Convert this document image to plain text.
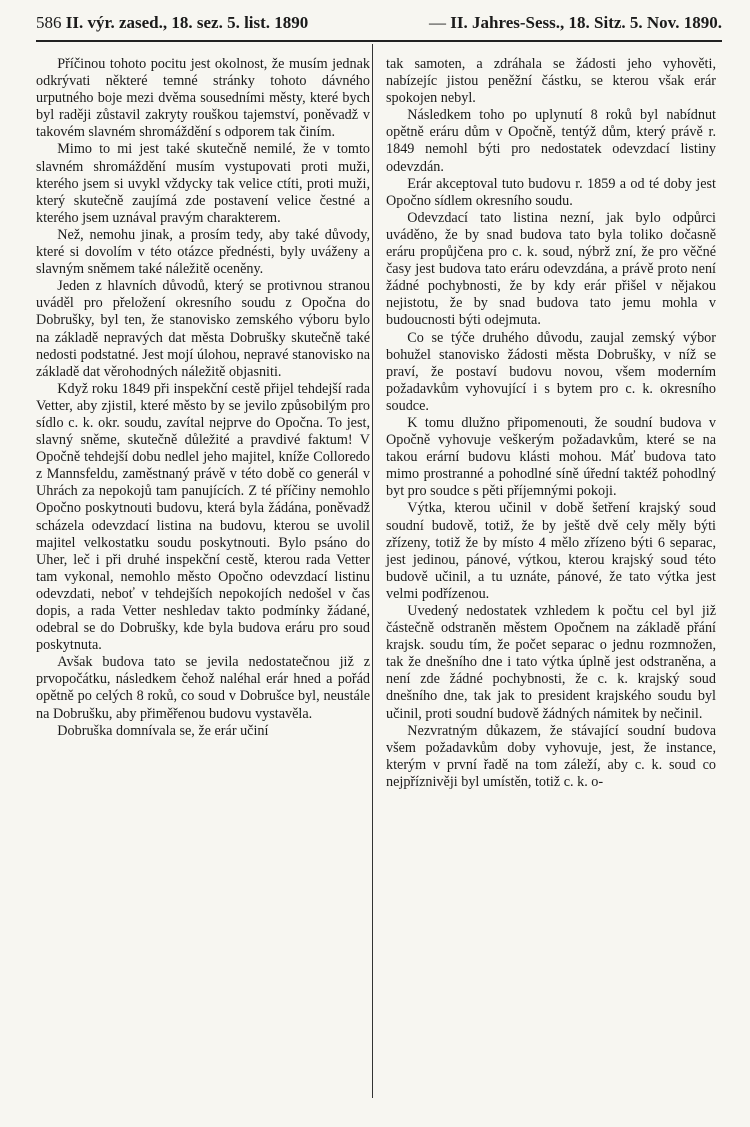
586 II. výr. zased., 18. sez. 5. list. 1890	— II. Jahres-Sess., 18. Sitz. 5. Nov. 1890.

Příčinou tohoto pocitu jest okolnost, že musím jednak odkrývati některé temné stránky tohoto dávného urputného boje mezi dvěma sousedními městy, které bych byl raději zůstavil zakryty rouškou tajemství, poněvadž v takovém slavném shromáždění s odporem tak činím.

Mimo to mi jest také skutečně nemilé, že v tomto slavném shromáždění musím vystupovati proti muži, kterého jsem si uvykl vždycky tak velice ctíti, proti muži, který skutečně zaujímá zde postavení velice čestné a kterého jsem uznával pravým charakterem.

Než, nemohu jinak, a prosím tedy, aby také důvody, které si dovolím v této otázce přednésti, byly uváženy a slavným sněmem také náležitě oceněny.

Jeden z hlavních důvodů, který se protivnou stranou uváděl pro přeložení okresního soudu z Opočna do Dobrušky, byl ten, že stanovisko zemského výboru bylo na základě nepravých dat města Dobrušky skutečně také nedosti podstatné. Jest mojí úlohou, nepravé stanovisko na základě dat věrohodných náležitě objasniti.

Když roku 1849 při inspekční cestě přijel tehdejší rada Vetter, aby zjistil, které město by se jevilo způsobilým pro sídlo c. k. okr. soudu, zavítal nejprve do Opočna. To jest, slavný sněme, skutečně důležité a pravdivé faktum! V Opočně tehdejší dobu nedlel jeho majitel, kníže Colloredo z Mannsfeldu, zaměstnaný právě v této době co generál v Uhrách za nepokojů tam panujících. Z té příčiny nemohlo Opočno poskytnouti budovu, která byla žádána, poněvadž scházela odevzdací listina na budovu, kterou se uvolil majitel velkostatku soudu poskytnouti. Bylo psáno do Uher, leč i při druhé inspekční cestě, kterou rada Vetter tam vykonal, nemohlo město Opočno odevzdací listinu odevzdati, neboť v tehdejších nepokojích nedošel v čas dopis, a rada Vetter neshledav takto podmínky žádané, odebral se do Dobrušky, kde byla budova eráru pro soud poskytnuta.

Avšak budova tato se jevila nedostatečnou již z prvopočátku, následkem čehož naléhal erár hned a pořád opětně po celých 8 roků, co soud v Dobrušce byl, neustále na Dobrušku, aby přiměřenou budovu vystavěla.

Dobruška domnívala se, že erár učiní

tak samoten, a zdráhala se žádosti jeho vyhověti, nabízejíc jistou peněžní částku, se kterou však erár spokojen nebyl.

Následkem toho po uplynutí 8 roků byl nabídnut opětně eráru dům v Opočně, tentýž dům, který právě r. 1849 nemohl býti pro nedostatek odevzdací listiny odevzdán.

Erár akceptoval tuto budovu r. 1859 a od té doby jest Opočno sídlem okresního soudu.

Odevzdací tato listina nezní, jak bylo odpůrci uváděno, že by snad budova tato byla toliko dočasně eráru propůjčena pro c. k. soud, nýbrž zní, že pro věčné časy jest budova tato eráru odevzdána, a právě proto není žádné pochybnosti, že by kdy erár přišel v nějakou nejistotu, že by snad budova tato jemu mohla v budoucnosti býti odejmuta.

Co se týče druhého důvodu, zaujal zemský výbor bohužel stanovisko žádosti města Dobrušky, v níž se praví, že postaví budovu novou, všem moderním požadavkům vyhovující i s bytem pro c. k. okresního soudce.

K tomu dlužno připomenouti, že soudní budova v Opočně vyhovuje veškerým požadavkům, které se na takou erární budovu klásti mohou. Máť budova tato mimo prostranné a pohodlné síně úřední taktéž pohodlný byt pro soudce s pěti příjemnými pokoji.

Výtka, kterou učinil v době šetření krajský soud soudní budově, totiž, že by ještě dvě cely měly býti zřízeny, totiž že by místo 4 mělo zřízeno býti 6 separac, jest jedinou, pánové, výtkou, kterou krajský soud této budově učinil, a tu uznáte, pánové, že tato výtka jest velmi podřízenou.

Uvedený nedostatek vzhledem k počtu cel byl již částečně odstraněn městem Opočnem na základě přání krajsk. soudu tím, že počet separac o jednu rozmnožen, tak že dnešního dne i tato výtka úplně jest odstraněna, a není zde žádné pochybnosti, že c. k. krajský soud dnešního dne, tak jak to president krajského soudu byl učinil, proti soudní budově žádných námitek by nečinil.

Nezvratným důkazem, že stávající soudní budova všem požadavkům doby vyhovuje, jest, že instance, kterým v první řadě na tom záleží, aby c. k. soud co nejpříznivěji byl umístěn, totiž c. k. o-
